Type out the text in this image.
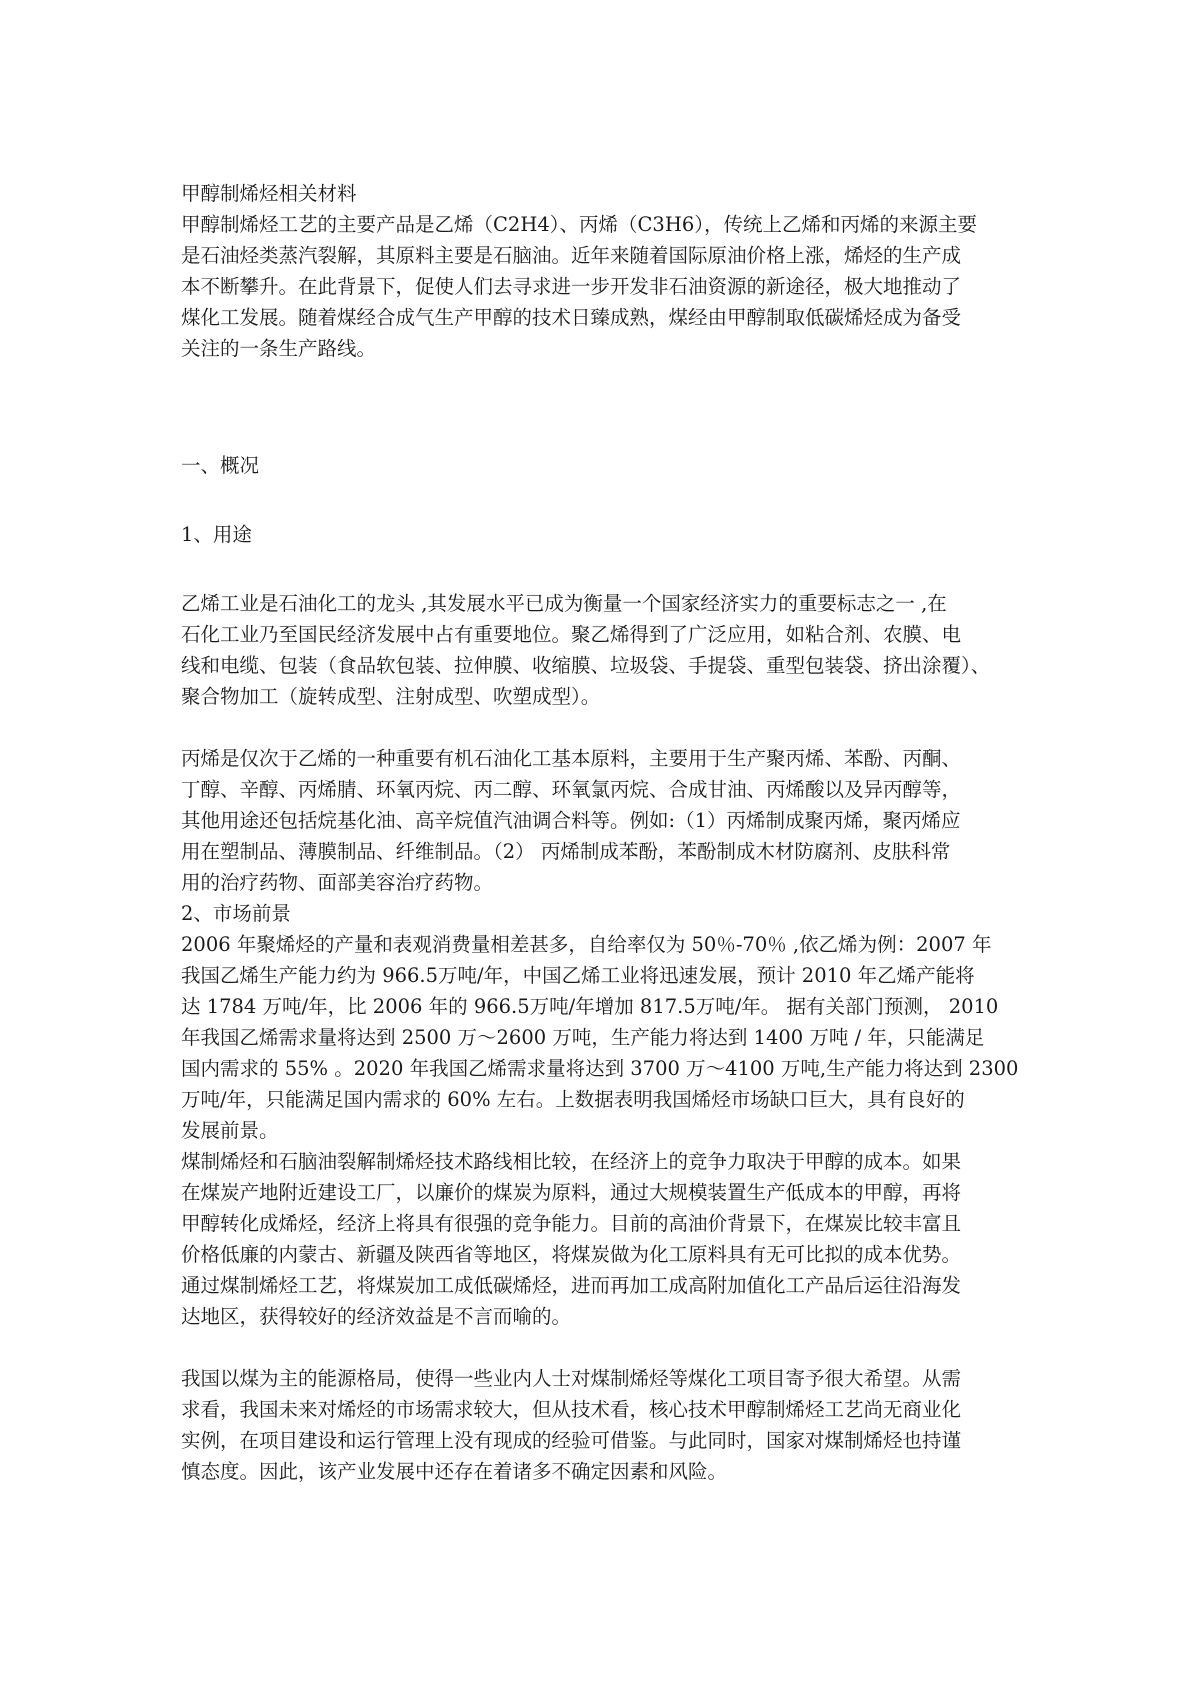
甲醇制烯烃相关材料

甲醇制烯烃工艺的主要产品是乙烯（C2H4）、丙烯（C3H6），传统上乙烯和丙烯的来源主要
是石油烃类蒸汽裂解，其原料主要是石脑油。近年来随着国际原油价格上涨，烯烃的生产成
本不断攀升。在此背景下，促使人们去寻求进一步开发非石油资源的新途径，极大地推动了
煤化工发展。随着煤经合成气生产甲醇的技术日臻成熟，煤经由甲醇制取低碳烯烃成为备受
关注的一条生产路线。

一、概况

1、用途

乙烯工业是石油化工的龙头 ,其发展水平已成为衡量一个国家经济实力的重要标志之一 ,在
石化工业乃至国民经济发展中占有重要地位。聚乙烯得到了广泛应用，如粘合剂、农膜、电
线和电缆、包装（食品软包装、拉伸膜、收缩膜、垃圾袋、手提袋、重型包装袋、挤出涂覆）、
聚合物加工（旋转成型、注射成型、吹塑成型）。
丙烯是仅次于乙烯的一种重要有机石油化工基本原料，主要用于生产聚丙烯、苯酚、丙酮、
丁醇、辛醇、丙烯腈、环氧丙烷、丙二醇、环氧氯丙烷、合成甘油、丙烯酸以及异丙醇等，
其他用途还包括烷基化油、高辛烷值汽油调合料等。例如:（1）丙烯制成聚丙烯，聚丙烯应
用在塑制品、薄膜制品、纤维制品。（2） 丙烯制成苯酚，苯酚制成木材防腐剂、皮肤科常
用的治疗药物、面部美容治疗药物。

2、市场前景

2006 年聚烯烃的产量和表观消费量相差甚多，自给率仅为 50％-70％ ,依乙烯为例：2007 年
我国乙烯生产能力约为 966.5万吨/年，中国乙烯工业将迅速发展，预计 2010 年乙烯产能将
达 1784 万吨/年，比 2006 年的 966.5万吨/年增加 817.5万吨/年。 据有关部门预测， 2010
年我国乙烯需求量将达到 2500 万～2600 万吨，生产能力将达到 1400 万吨 / 年，只能满足
国内需求的 55% 。2020 年我国乙烯需求量将达到 3700 万～4100 万吨,生产能力将达到 2300
万吨/年，只能满足国内需求的 60% 左右。上数据表明我国烯烃市场缺口巨大，具有良好的
发展前景。
煤制烯烃和石脑油裂解制烯烃技术路线相比较，在经济上的竞争力取决于甲醇的成本。如果
在煤炭产地附近建设工厂，以廉价的煤炭为原料，通过大规模装置生产低成本的甲醇，再将
甲醇转化成烯烃，经济上将具有很强的竞争能力。目前的高油价背景下，在煤炭比较丰富且
价格低廉的内蒙古、新疆及陕西省等地区，将煤炭做为化工原料具有无可比拟的成本优势。
通过煤制烯烃工艺，将煤炭加工成低碳烯烃，进而再加工成高附加值化工产品后运往沿海发
达地区，获得较好的经济效益是不言而喻的。
我国以煤为主的能源格局，使得一些业内人士对煤制烯烃等煤化工项目寄予很大希望。从需
求看，我国未来对烯烃的市场需求较大，但从技术看，核心技术甲醇制烯烃工艺尚无商业化
实例，在项目建设和运行管理上没有现成的经验可借鉴。与此同时，国家对煤制烯烃也持谨
慎态度。因此，该产业发展中还存在着诸多不确定因素和风险。
